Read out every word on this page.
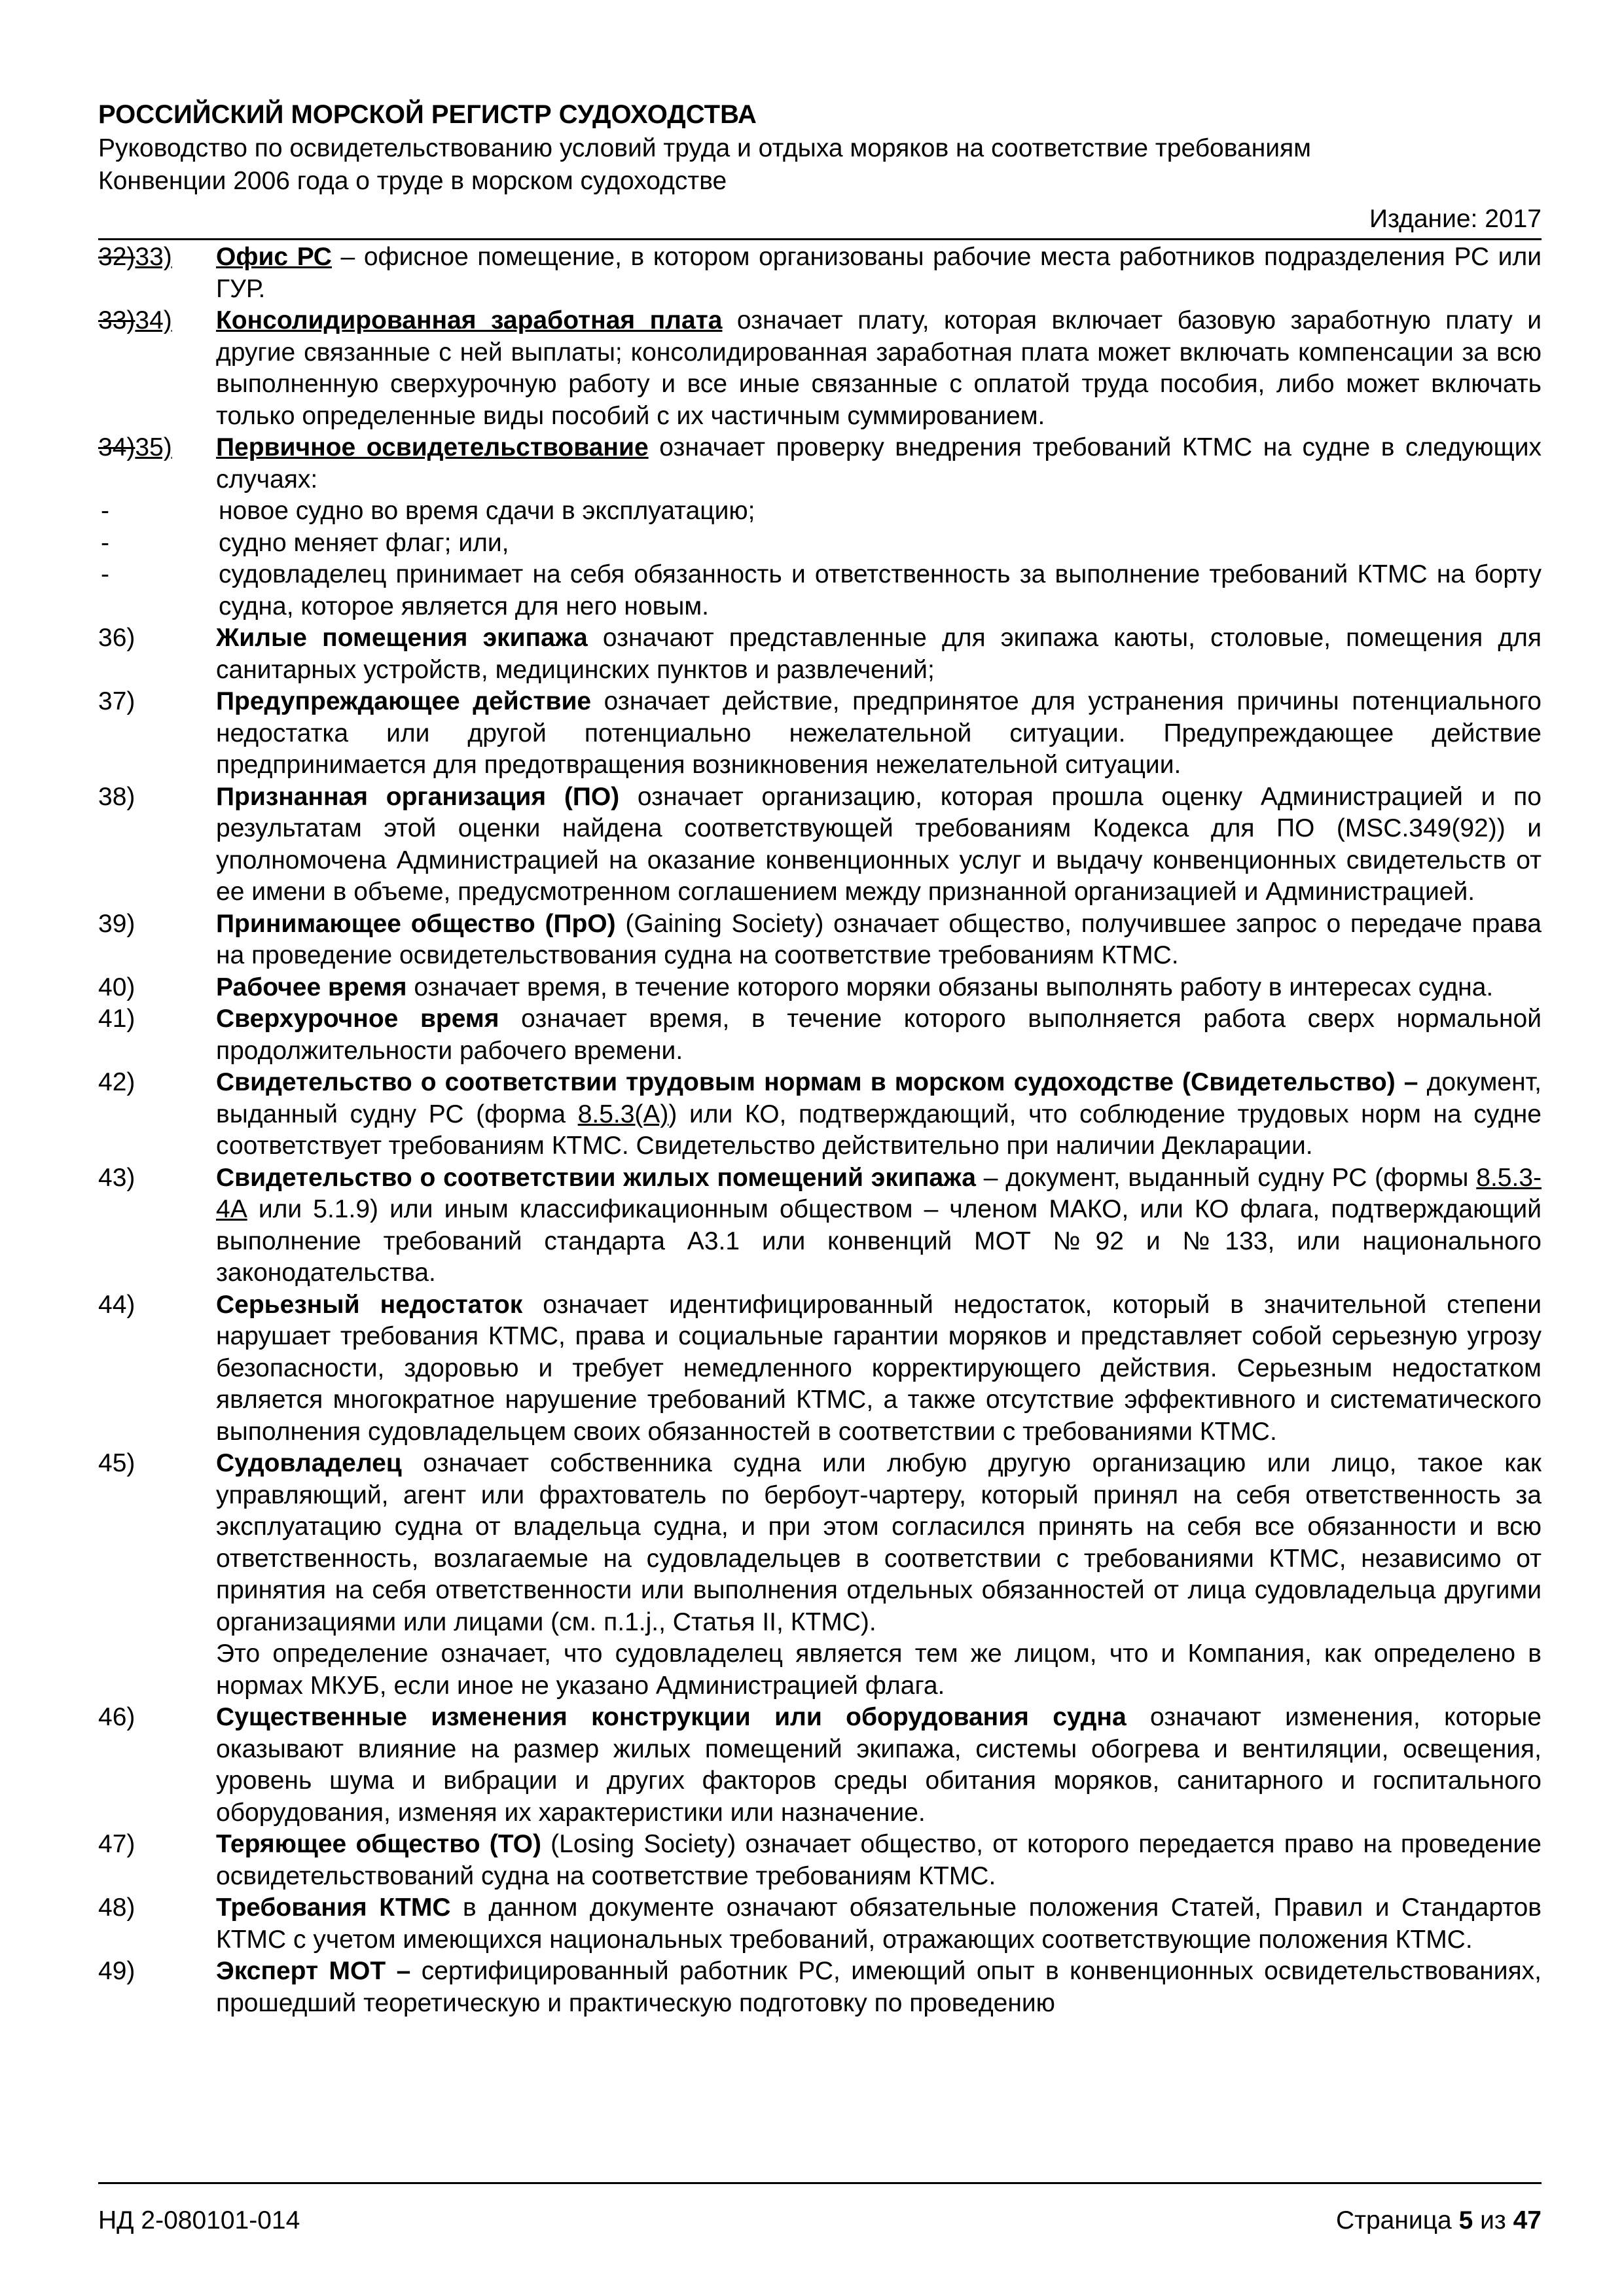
РОССИЙСКИЙ МОРСКОЙ РЕГИСТР СУДОХОДСТВА
Руководство по освидетельствованию условий труда и отдыха моряков на соответствие требованиям
Конвенции 2006 года о труде в морском судоходстве
Издание: 2017
32)33)	Офис РС – офисное помещение, в котором организованы рабочие места работников подразделения РС или ГУР.
33)34)	Консолидированная заработная плата означает плату, которая включает базовую заработную плату и другие связанные с ней выплаты; консолидированная заработная плата может включать компенсации за всю выполненную сверхурочную работу и все иные связанные с оплатой труда пособия, либо может включать только определенные виды пособий с их частичным суммированием.
34)35)	Первичное освидетельствование означает проверку внедрения требований КТМС на судне в следующих случаях:
-	новое судно во время сдачи в эксплуатацию;
-	судно меняет флаг; или,
-	судовладелец принимает на себя обязанность и ответственность за выполнение требований КТМС на борту судна, которое является для него новым.
36)	Жилые помещения экипажа означают представленные для экипажа каюты, столовые, помещения для санитарных устройств, медицинских пунктов и развлечений;
37)	Предупреждающее действие означает действие, предпринятое для устранения причины потенциального недостатка или другой потенциально нежелательной ситуации. Предупреждающее действие предпринимается для предотвращения возникновения нежелательной ситуации.
38)	Признанная организация (ПО) означает организацию, которая прошла оценку Администрацией и по результатам этой оценки найдена соответствующей требованиям Кодекса для ПО (MSC.349(92)) и уполномочена Администрацией на оказание конвенционных услуг и выдачу конвенционных свидетельств от ее имени в объеме, предусмотренном соглашением между признанной организацией и Администрацией.
39)	Принимающее общество (ПрО) (Gaining Society) означает общество, получившее запрос о передаче права на проведение освидетельствования судна на соответствие требованиям КТМС.
40)	Рабочее время означает время, в течение которого моряки обязаны выполнять работу в интересах судна.
41)	Сверхурочное время означает время, в течение которого выполняется работа сверх нормальной продолжительности рабочего времени.
42)	Свидетельство о соответствии трудовым нормам в морском судоходстве (Свидетельство) – документ, выданный судну РС (форма 8.5.3(А)) или КО, подтверждающий, что соблюдение трудовых норм на судне соответствует требованиям КТМС. Свидетельство действительно при наличии Декларации.
43)	Свидетельство о соответствии жилых помещений экипажа – документ, выданный судну РС (формы 8.5.3-4А или 5.1.9) или иным классификационным обществом – членом МАКО, или КО флага, подтверждающий выполнение требований стандарта А3.1 или конвенций МОТ №92 и №133, или национального законодательства.
44)	Серьезный недостаток означает идентифицированный недостаток, который в значительной степени нарушает требования КТМС, права и социальные гарантии моряков и представляет собой серьезную угрозу безопасности, здоровью и требует немедленного корректирующего действия. Серьезным недостатком является многократное нарушение требований КТМС, а также отсутствие эффективного и систематического выполнения судовладельцем своих обязанностей в соответствии с требованиями КТМС.
45)	Судовладелец означает собственника судна или любую другую организацию или лицо, такое как управляющий, агент или фрахтователь по бербоут-чартеру, который принял на себя ответственность за эксплуатацию судна от владельца судна, и при этом согласился принять на себя все обязанности и всю ответственность, возлагаемые на судовладельцев в соответствии с требованиями КТМС, независимо от принятия на себя ответственности или выполнения отдельных обязанностей от лица судовладельца другими организациями или лицами (см. п.1.j., Статья II, КТМС).
Это определение означает, что судовладелец является тем же лицом, что и Компания, как определено в нормах МКУБ, если иное не указано Администрацией флага.
46)	Существенные изменения конструкции или оборудования судна означают изменения, которые оказывают влияние на размер жилых помещений экипажа, системы обогрева и вентиляции, освещения, уровень шума и вибрации и других факторов среды обитания моряков, санитарного и госпитального оборудования, изменяя их характеристики или назначение.
47)	Теряющее общество (ТО) (Losing Society) означает общество, от которого передается право на проведение освидетельствований судна на соответствие требованиям КТМС.
48)	Требования КТМС в данном документе означают обязательные положения Статей, Правил и Стандартов КТМС с учетом имеющихся национальных требований, отражающих соответствующие положения КТМС.
49)	Эксперт МОТ – сертифицированный работник РС, имеющий опыт в конвенционных освидетельствованиях, прошедший теоретическую и практическую подготовку по проведению
НД 2-080101-014	Страница 5 из 47
